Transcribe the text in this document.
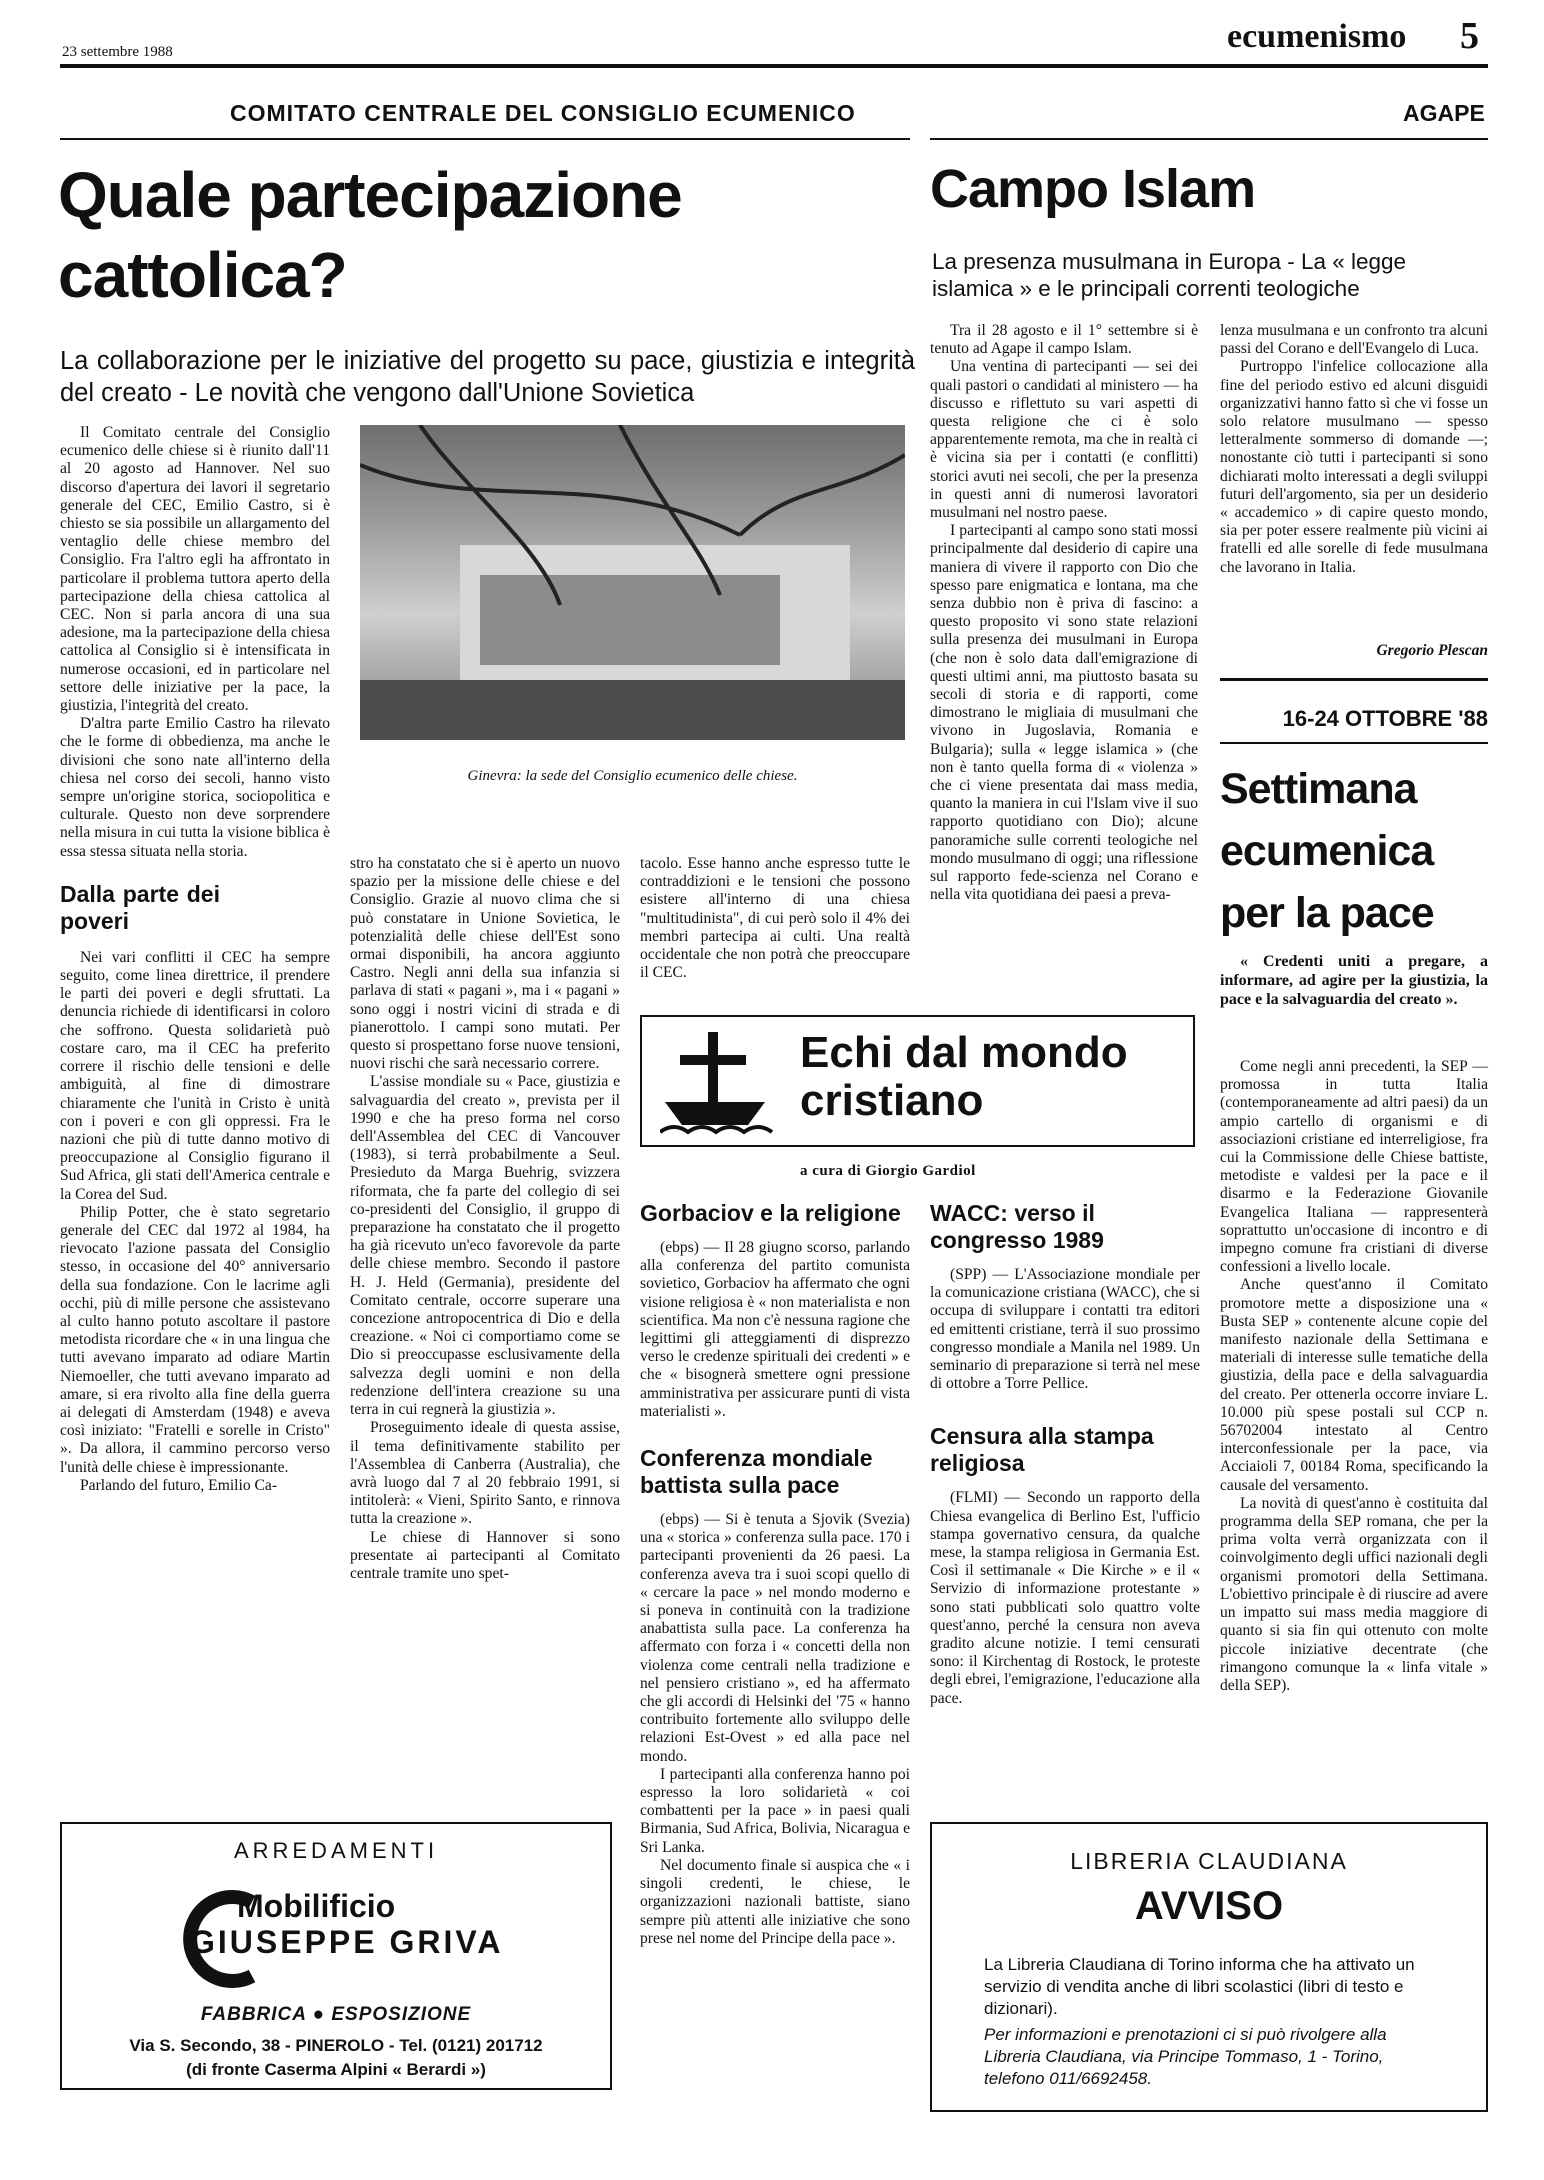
23 settembre 1988	ecumenismo 5
COMITATO CENTRALE DEL CONSIGLIO ECUMENICO
Quale partecipazione cattolica?
La collaborazione per le iniziative del progetto su pace, giustizia e integrità del creato - Le novità che vengono dall'Unione Sovietica
Ginevra: la sede del Consiglio ecumenico delle chiese.

Il Comitato centrale del Consiglio ecumenico delle chiese si è riunito dall'11 al 20 agosto ad Hannover. Nel suo discorso d'apertura dei lavori il segretario generale del CEC, Emilio Castro, si è chiesto se sia possibile un allargamento del ventaglio delle chiese membro del Consiglio. Fra l'altro egli ha affrontato in particolare il problema tuttora aperto della partecipazione della chiesa cattolica al CEC. Non si parla ancora di una sua adesione, ma la partecipazione della chiesa cattolica al Consiglio si è intensificata in numerose occasioni, ed in particolare nel settore delle iniziative per la pace, la giustizia, l'integrità del creato.

D'altra parte Emilio Castro ha rilevato che le forme di obbedienza, ma anche le divisioni che sono nate all'interno della chiesa nel corso dei secoli, hanno visto sempre un'origine storica, sociopolitica e culturale. Questo non deve sorprendere nella misura in cui tutta la visione biblica è essa stessa situata nella storia.

Dalla parte dei poveri

Nei vari conflitti il CEC ha sempre seguito, come linea direttrice, il prendere le parti dei poveri e degli sfruttati. La denuncia richiede di identificarsi in coloro che soffrono. Questa solidarietà può costare caro, ma il CEC ha preferito correre il rischio delle tensioni e delle ambiguità, al fine di dimostrare chiaramente che l'unità in Cristo è unità con i poveri e con gli oppressi. Fra le nazioni che più di tutte danno motivo di preoccupazione al Consiglio figurano il Sud Africa, gli stati dell'America centrale e la Corea del Sud.

Philip Potter, che è stato segretario generale del CEC dal 1972 al 1984, ha rievocato l'azione passata del Consiglio stesso, in occasione del 40° anniversario della sua fondazione. Con le lacrime agli occhi, più di mille persone che assistevano al culto hanno potuto ascoltare il pastore metodista ricordare che « in una lingua che tutti avevano imparato ad odiare Martin Niemoeller, che tutti avevano imparato ad amare, si era rivolto alla fine della guerra ai delegati di Amsterdam (1948) e aveva così iniziato: "Fratelli e sorelle in Cristo" ». Da allora, il cammino percorso verso l'unità delle chiese è impressionante.

Parlando del futuro, Emilio Ca-

stro ha constatato che si è aperto un nuovo spazio per la missione delle chiese e del Consiglio. Grazie al nuovo clima che si può constatare in Unione Sovietica, le potenzialità delle chiese dell'Est sono ormai disponibili, ha ancora aggiunto Castro. Negli anni della sua infanzia si parlava di stati « pagani », ma i « pagani » sono oggi i nostri vicini di strada e di pianerottolo. I campi sono mutati. Per questo si prospettano forse nuove tensioni, nuovi rischi che sarà necessario correre.

L'assise mondiale su « Pace, giustizia e salvaguardia del creato », prevista per il 1990 e che ha preso forma nel corso dell'Assemblea del CEC di Vancouver (1983), si terrà probabilmente a Seul. Presieduto da Marga Buehrig, svizzera riformata, che fa parte del collegio di sei co-presidenti del Consiglio, il gruppo di preparazione ha constatato che il progetto ha già ricevuto un'eco favorevole da parte delle chiese membro. Secondo il pastore H. J. Held (Germania), presidente del Comitato centrale, occorre superare una concezione antropocentrica di Dio e della creazione. « Noi ci comportiamo come se Dio si preoccupasse esclusivamente della salvezza degli uomini e non della redenzione dell'intera creazione su una terra in cui regnerà la giustizia ».

Proseguimento ideale di questa assise, il tema definitivamente stabilito per l'Assemblea di Canberra (Australia), che avrà luogo dal 7 al 20 febbraio 1991, si intitolerà: « Vieni, Spirito Santo, e rinnova tutta la creazione ».

Le chiese di Hannover si sono presentate ai partecipanti al Comitato centrale tramite uno spet-

tacolo. Esse hanno anche espresso tutte le contraddizioni e le tensioni che possono esistere all'interno di una chiesa "multitudinista", di cui però solo il 4% dei membri partecipa ai culti. Una realtà occidentale che non potrà che preoccupare il CEC.

Echi dal mondo
cristiano
a cura di Giorgio Gardiol
Gorbaciov e la religione

(ebps) — Il 28 giugno scorso, parlando alla conferenza del partito comunista sovietico, Gorbaciov ha affermato che ogni visione religiosa è « non materialista e non scientifica. Ma non c'è nessuna ragione che legittimi gli atteggiamenti di disprezzo verso le credenze spirituali dei credenti » e che « bisognerà smettere ogni pressione amministrativa per assicurare punti di vista materialisti ».

Conferenza mondiale battista sulla pace

(ebps) — Si è tenuta a Sjovik (Svezia) una « storica » conferenza sulla pace. 170 i partecipanti provenienti da 26 paesi. La conferenza aveva tra i suoi scopi quello di « cercare la pace » nel mondo moderno e si poneva in continuità con la tradizione anabattista sulla pace. La conferenza ha affermato con forza i « concetti della non violenza come centrali nella tradizione e nel pensiero cristiano », ed ha affermato che gli accordi di Helsinki del '75 « hanno contribuito fortemente allo sviluppo delle relazioni Est-Ovest » ed alla pace nel mondo.

I partecipanti alla conferenza hanno poi espresso la loro solidarietà « coi combattenti per la pace » in paesi quali Birmania, Sud Africa, Bolivia, Nicaragua e Sri Lanka.

Nel documento finale si auspica che « i singoli credenti, le chiese, le organizzazioni nazionali battiste, siano sempre più attenti alle iniziative che sono prese nel nome del Principe della pace ».

WACC: verso il congresso 1989

(SPP) — L'Associazione mondiale per la comunicazione cristiana (WACC), che si occupa di sviluppare i contatti tra editori ed emittenti cristiane, terrà il suo prossimo congresso mondiale a Manila nel 1989. Un seminario di preparazione si terrà nel mese di ottobre a Torre Pellice.

Censura alla stampa religiosa

(FLMI) — Secondo un rapporto della Chiesa evangelica di Berlino Est, l'ufficio stampa governativo censura, da qualche mese, la stampa religiosa in Germania Est. Così il settimanale « Die Kirche » e il « Servizio di informazione protestante » sono stati pubblicati solo quattro volte quest'anno, perché la censura non aveva gradito alcune notizie. I temi censurati sono: il Kirchentag di Rostock, le proteste degli ebrei, l'emigrazione, l'educazione alla pace.

AGAPE
Campo Islam
La presenza musulmana in Europa - La « legge islamica » e le principali correnti teologiche

Tra il 28 agosto e il 1° settembre si è tenuto ad Agape il campo Islam.

Una ventina di partecipanti — sei dei quali pastori o candidati al ministero — ha discusso e riflettuto su vari aspetti di questa religione che ci è solo apparentemente remota, ma che in realtà ci è vicina sia per i contatti (e conflitti) storici avuti nei secoli, che per la presenza in questi anni di numerosi lavoratori musulmani nel nostro paese.

I partecipanti al campo sono stati mossi principalmente dal desiderio di capire una maniera di vivere il rapporto con Dio che spesso pare enigmatica e lontana, ma che senza dubbio non è priva di fascino: a questo proposito vi sono state relazioni sulla presenza dei musulmani in Europa (che non è solo data dall'emigrazione di questi ultimi anni, ma piuttosto basata su secoli di storia e di rapporti, come dimostrano le migliaia di musulmani che vivono in Jugoslavia, Romania e Bulgaria); sulla « legge islamica » (che non è tanto quella forma di « violenza » che ci viene presentata dai mass media, quanto la maniera in cui l'Islam vive il suo rapporto quotidiano con Dio); alcune panoramiche sulle correnti teologiche nel mondo musulmano di oggi; una riflessione sul rapporto fede-scienza nel Corano e nella vita quotidiana dei paesi a preva-

lenza musulmana e un confronto tra alcuni passi del Corano e dell'Evangelo di Luca.

Purtroppo l'infelice collocazione alla fine del periodo estivo ed alcuni disguidi organizzativi hanno fatto sì che vi fosse un solo relatore musulmano — spesso letteralmente sommerso di domande —; nonostante ciò tutti i partecipanti si sono dichiarati molto interessati a degli sviluppi futuri dell'argomento, sia per un desiderio « accademico » di capire questo mondo, sia per poter essere realmente più vicini ai fratelli ed alle sorelle di fede musulmana che lavorano in Italia.

Gregorio Plescan
16-24 OTTOBRE '88
Settimana ecumenica per la pace
« Credenti uniti a pregare, a informare, ad agire per la giustizia, la pace e la salvaguardia del creato ».

Come negli anni precedenti, la SEP — promossa in tutta Italia (contemporaneamente ad altri paesi) da un ampio cartello di organismi e di associazioni cristiane ed interreligiose, fra cui la Commissione delle Chiese battiste, metodiste e valdesi per la pace e il disarmo e la Federazione Giovanile Evangelica Italiana — rappresenterà soprattutto un'occasione di incontro e di impegno comune fra cristiani di diverse confessioni a livello locale.

Anche quest'anno il Comitato promotore mette a disposizione una « Busta SEP » contenente alcune copie del manifesto nazionale della Settimana e materiali di interesse sulle tematiche della giustizia, della pace e della salvaguardia del creato. Per ottenerla occorre inviare L. 10.000 più spese postali sul CCP n. 56702004 intestato al Centro interconfessionale per la pace, via Acciaioli 7, 00184 Roma, specificando la causale del versamento.

La novità di quest'anno è costituita dal programma della SEP romana, che per la prima volta verrà organizzata con il coinvolgimento degli uffici nazionali degli organismi promotori della Settimana. L'obiettivo principale è di riuscire ad avere un impatto sui mass media maggiore di quanto si sia fin qui ottenuto con molte piccole iniziative decentrate (che rimangono comunque la « linfa vitale » della SEP).

ARREDAMENTI
Mobilificio
GIUSEPPE GRIVA
FABBRICA ● ESPOSIZIONE
Via S. Secondo, 38 - PINEROLO - Tel. (0121) 201712
(di fronte Caserma Alpini « Berardi »)
LIBRERIA CLAUDIANA
AVVISO
La Libreria Claudiana di Torino informa che ha attivato un servizio di vendita anche di libri scolastici (libri di testo e dizionari).
Per informazioni e prenotazioni ci si può rivolgere alla Libreria Claudiana, via Principe Tommaso, 1 - Torino, telefono 011/6692458.
